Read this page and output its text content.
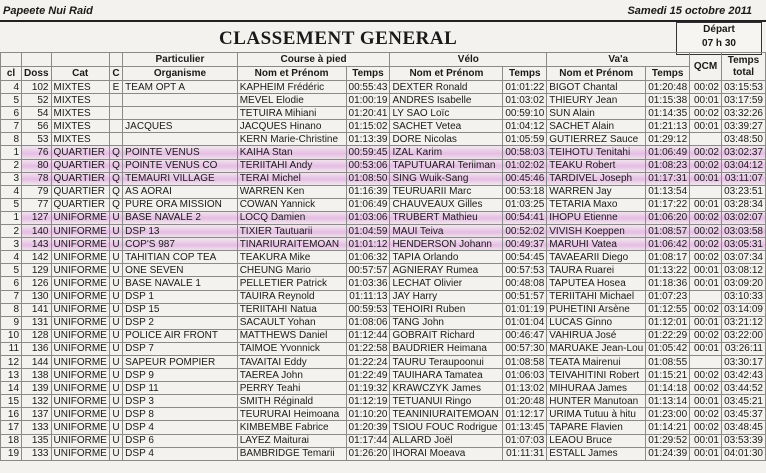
Papeete Nui Raid	Samedi 15 octobre 2011
CLASSEMENT GENERAL	Départ
07 h 30
				Particulier	Course à pied		Vélo		Va'a		QCM	Temps total
cl	Doss	Cat	C	Organisme	Nom et Prénom	Temps	Nom et Prénom	Temps	Nom et Prénom	Temps		
4	102	MIXTES	E	TEAM OPT A	KAPHEIM Frédéric	00:55:43	DEXTER Ronald	01:01:22	BIGOT Chantal	01:20:48	00:02	03:15:53
5	52	MIXTES			MEVEL Elodie	01:00:19	ANDRES Isabelle	01:03:02	THIEURY Jean	01:15:38	00:01	03:17:59
6	54	MIXTES			TETUIRA Mihiani	01:20:41	LY SAO Loïc	00:59:10	SUN Alain	01:14:35	00:02	03:32:26
7	56	MIXTES		JACQUES	JACQUES Hinano	01:15:02	SACHET Vetea	01:04:12	SACHET Alain	01:21:13	00:01	03:39:27
8	53	MIXTES			KERN Marie-Christine	01:13:39	DORE Nicolas	01:05:59	GUTIERREZ Sauce	01:29:12		03:48:50
1	76	QUARTIER	Q	POINTE VENUS	KAIHA Stan	00:59:45	IZAL Karim	00:58:03	TEIHOTU Tenitahi	01:06:49	00:02	03:02:37
2	80	QUARTIER	Q	POINTE VENUS CO	TERIITAHI Andy	00:53:06	TAPUTUARAI Teriiman	01:02:02	TEAKU Robert	01:08:23	00:02	03:04:12
3	78	QUARTIER	Q	TEMAURI VILLAGE	TERAI Michel	01:08:50	SING Wuik-Sang	00:45:46	TARDIVEL Joseph	01:17:31	00:01	03:11:07
4	79	QUARTIER	Q	AS AORAI	WARREN Ken	01:16:39	TEURUARII Marc	00:53:18	WARREN Jay	01:13:54		03:23:51
5	77	QUARTIER	Q	PURE ORA MISSION	COWAN Yannick	01:06:49	CHAUVEAUX Gilles	01:03:25	TETARIA Maxo	01:17:22	00:01	03:28:34
1	127	UNIFORME	U	BASE NAVALE 2	LOCQ Damien	01:03:06	TRUBERT Mathieu	00:54:41	IHOPU Etienne	01:06:20	00:02	03:02:07
2	140	UNIFORME	U	DSP 13	TIXIER Tautuarii	01:04:59	MAUI Teiva	00:52:02	VIVISH Koeppen	01:08:57	00:02	03:03:58
3	143	UNIFORME	U	COP'S 987	TINARIURAITEMOAN	01:01:12	HENDERSON Johann	00:49:37	MARUHI Vatea	01:06:42	00:02	03:05:31
4	142	UNIFORME	U	TAHITIAN COP TEA	TEAKURA Mike	01:06:32	TAPIA Orlando	00:54:45	TAVAEARII Diego	01:08:17	00:02	03:07:34
5	129	UNIFORME	U	ONE SEVEN	CHEUNG Mario	00:57:57	AGNIERAY Rumea	00:57:53	TAURA Ruarei	01:13:22	00:01	03:08:12
6	126	UNIFORME	U	BASE NAVALE 1	PELLETIER Patrick	01:03:36	LECHAT Olivier	00:48:08	TAPUTEA Hosea	01:18:36	00:01	03:09:20
7	130	UNIFORME	U	DSP 1	TAUIRA Reynold	01:11:13	JAY Harry	00:51:57	TERIITAHI Michael	01:07:23		03:10:33
8	141	UNIFORME	U	DSP 15	TERIITAHI Natua	00:59:53	TEHOIRI Ruben	01:01:19	PUHETINI Arsène	01:12:55	00:02	03:14:09
9	131	UNIFORME	U	DSP 2	SACAULT Yohan	01:08:06	TANG John	01:01:04	LUCAS Ginno	01:12:01	00:01	03:21:12
10	128	UNIFORME	U	POLICE AIR FRONT	MATTHEWS Daniel	01:12:44	GOBRAIT Richard	00:46:47	VAHIRUA José	01:22:29	00:02	03:22:00
11	136	UNIFORME	U	DSP 7	TAIMOE Yvonnick	01:22:58	BAUDRIER Heimana	00:57:30	MARUAKE Jean-Lou	01:05:42	00:01	03:26:11
12	144	UNIFORME	U	SAPEUR POMPIER	TAVAITAI Eddy	01:22:24	TAURU Teraupoonui	01:08:58	TEATA Mairenui	01:08:55		03:30:17
13	138	UNIFORME	U	DSP 9	TAEREA John	01:22:49	TAUIHARA Tamatea	01:06:03	TEIVAHITINI Robert	01:15:21	00:02	03:42:43
14	139	UNIFORME	U	DSP 11	PERRY Teahi	01:19:32	KRAWCZYK James	01:13:02	MIHURAA James	01:14:18	00:02	03:44:52
15	132	UNIFORME	U	DSP 3	SMITH Réginald	01:12:19	TETUANUI Ringo	01:20:48	HUNTER Manutoan	01:13:14	00:01	03:45:21
16	137	UNIFORME	U	DSP 8	TEURURAI Heimoana	01:10:20	TEANINIURAITEMOAN	01:12:17	URIMA Tutuu à hitu	01:23:00	00:02	03:45:37
17	133	UNIFORME	U	DSP 4	KIMBEMBE Fabrice	01:20:39	TSIOU FOUC Rodrigue	01:13:45	TAPARE Flavien	01:14:21	00:02	03:48:45
18	135	UNIFORME	U	DSP 6	LAYEZ Maiturai	01:17:44	ALLARD Joël	01:07:03	LEAOU Bruce	01:29:52	00:01	03:53:39
19	133	UNIFORME	U	DSP 4	BAMBRIDGE Temarii	01:26:20	IHORAI Moeava	01:11:31	ESTALL James	01:24:39	00:01	04:01:30
